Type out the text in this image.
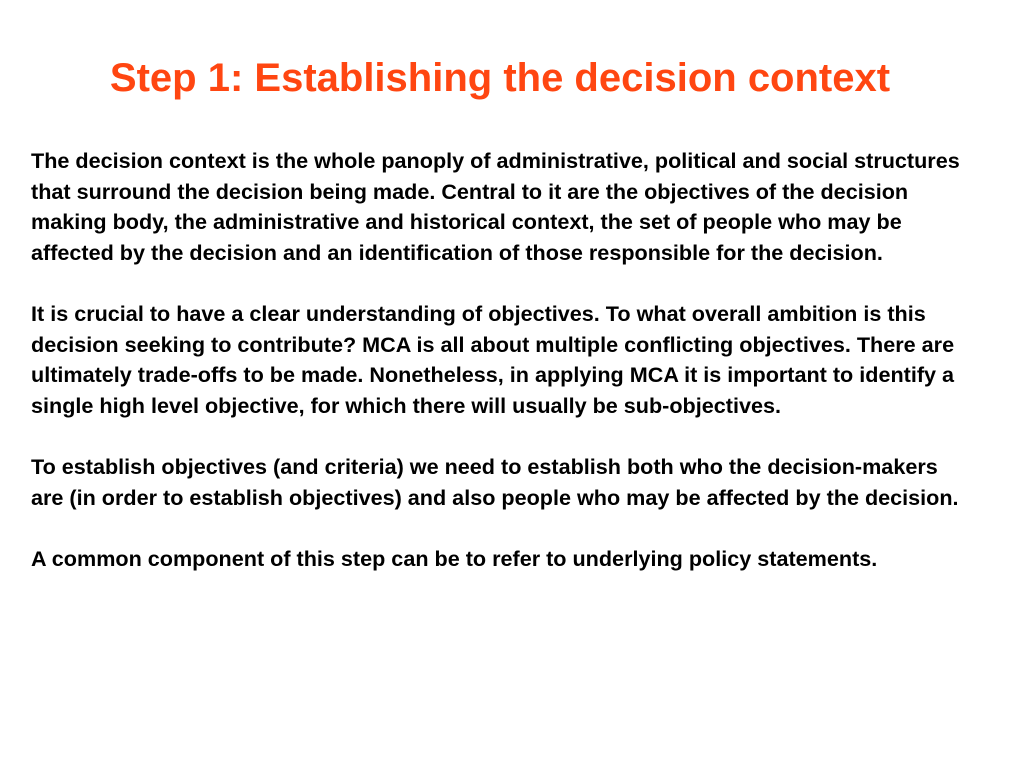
Step 1: Establishing the decision context

The decision context is the whole panoply of administrative, political and social structures that surround the decision being made. Central to it are the objectives of the decision making body, the administrative and historical context, the set of people who may be affected by the decision and an identification of those responsible for the decision.

It is crucial to have a clear understanding of objectives. To what overall ambition is this decision seeking to contribute? MCA is all about multiple conflicting objectives. There are ultimately trade-offs to be made. Nonetheless, in applying MCA it is important to identify a single high level objective, for which there will usually be sub-objectives.

To establish objectives (and criteria) we need to establish both who the decision-makers are (in order to establish objectives) and also people who may be affected by the decision.

A common component of this step can be to refer to underlying policy statements.
